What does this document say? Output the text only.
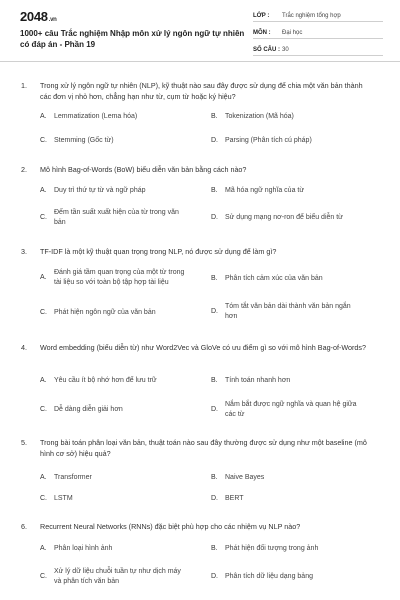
2048.vn
1000+ câu Trắc nghiệm Nhập môn xử lý ngôn ngữ tự nhiên có đáp án - Phần 19
LỚP :	Trắc nghiệm tổng hợp
MÔN :	Đại học
SỐ CÂU : 30
1. Trong xử lý ngôn ngữ tự nhiên (NLP), kỹ thuật nào sau đây được sử dụng để chia một văn bản thành các đơn vị nhỏ hơn, chẳng hạn như từ, cụm từ hoặc ký hiệu?
A.	Lemmatization (Lema hóa)	B.	Tokenization (Mã hóa)
C.	Stemming (Gốc từ)	D.	Parsing (Phân tích cú pháp)
2. Mô hình Bag-of-Words (BoW) biểu diễn văn bản bằng cách nào?
A.	Duy trì thứ tự từ và ngữ pháp	B.	Mã hóa ngữ nghĩa của từ
C.
Đếm tần suất xuất hiện của từ trong văn bản
D.	Sử dụng mạng nơ-ron để biểu diễn từ
3. TF-IDF là một kỹ thuật quan trọng trong NLP, nó được sử dụng để làm gì?
A.
Đánh giá tầm quan trọng của một từ trong tài liệu so với toàn bộ tập hợp tài liệu
B.	Phân tích cảm xúc của văn bản
C.	Phát hiện ngôn ngữ của văn bản	D.
Tóm tắt văn bản dài thành văn bản ngắn hơn
4. Word embedding (biểu diễn từ) như Word2Vec và GloVe có ưu điểm gì so với mô hình Bag-of-Words?
A.	Yêu cầu ít bộ nhớ hơn để lưu trữ	B.	Tính toán nhanh hơn
C.	Dễ dàng diễn giải hơn	D.
Nắm bắt được ngữ nghĩa và quan hệ giữa các từ
5. Trong bài toán phân loại văn bản, thuật toán nào sau đây thường được sử dụng như một baseline (mô hình cơ sở) hiệu quả?
A.	Transformer	B.	Naive Bayes
C.	LSTM	D.	BERT
6. Recurrent Neural Networks (RNNs) đặc biệt phù hợp cho các nhiệm vụ NLP nào?
A.	Phân loại hình ảnh	B.	Phát hiện đối tượng trong ảnh
C.
Xử lý dữ liệu chuỗi tuần tự như dịch máy và phân tích văn bản
D.	Phân tích dữ liệu dạng bảng
